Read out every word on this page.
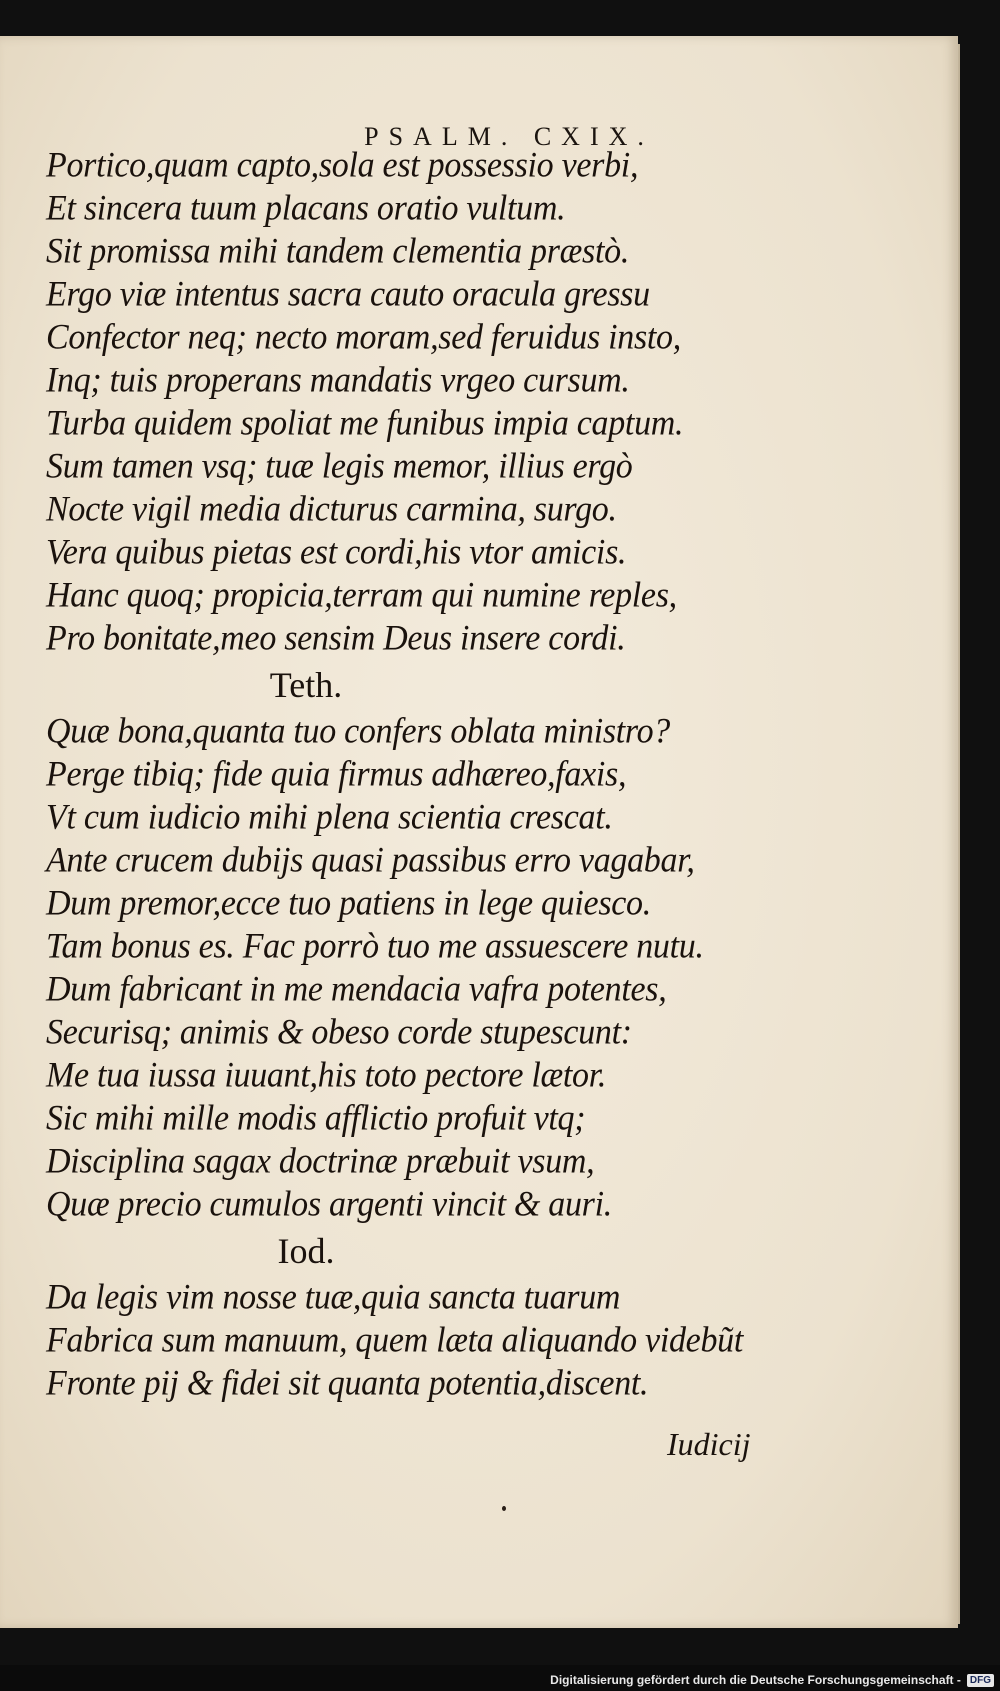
PSALM. CXIX.
Portico,quam capto,sola est possessio verbi,
Et sincera tuum placans oratio vultum.
Sit promissa mihi tandem clementia præstò.
Ergo viæ intentus sacra cauto oracula gressu
Confector neq; necto moram,sed feruidus insto,
Inq; tuis properans mandatis vrgeo cursum.
Turba quidem spoliat me funibus impia captum.
Sum tamen vsq; tuæ legis memor, illius ergò
Nocte vigil media dicturus carmina, surgo.
Vera quibus pietas est cordi,his vtor amicis.
Hanc quoq; propicia,terram qui numine reples,
Pro bonitate,meo sensim Deus insere cordi.
Teth.
Quæ bona,quanta tuo confers oblata ministro?
Perge tibiq; fide quia firmus adhæreo,faxis,
Vt cum iudicio mihi plena scientia crescat.
Ante crucem dubijs quasi passibus erro vagabar,
Dum premor,ecce tuo patiens in lege quiesco.
Tam bonus es. Fac porrò tuo me assuescere nutu.
Dum fabricant in me mendacia vafra potentes,
Securisq; animis & obeso corde stupescunt:
Me tua iussa iuuant,his toto pectore lætor.
Sic mihi mille modis afflictio profuit vtq;
Disciplina sagax doctrinæ præbuit vsum,
Quæ precio cumulos argenti vincit & auri.
Iod.
Da legis vim nosse tuæ,quia sancta tuarum
Fabrica sum manuum, quem læta aliquando videbũt
Fronte pij & fidei sit quanta potentia,discent.
Iudicij
Digitalisierung gefördert durch die Deutsche Forschungsgemeinschaft - DFG
